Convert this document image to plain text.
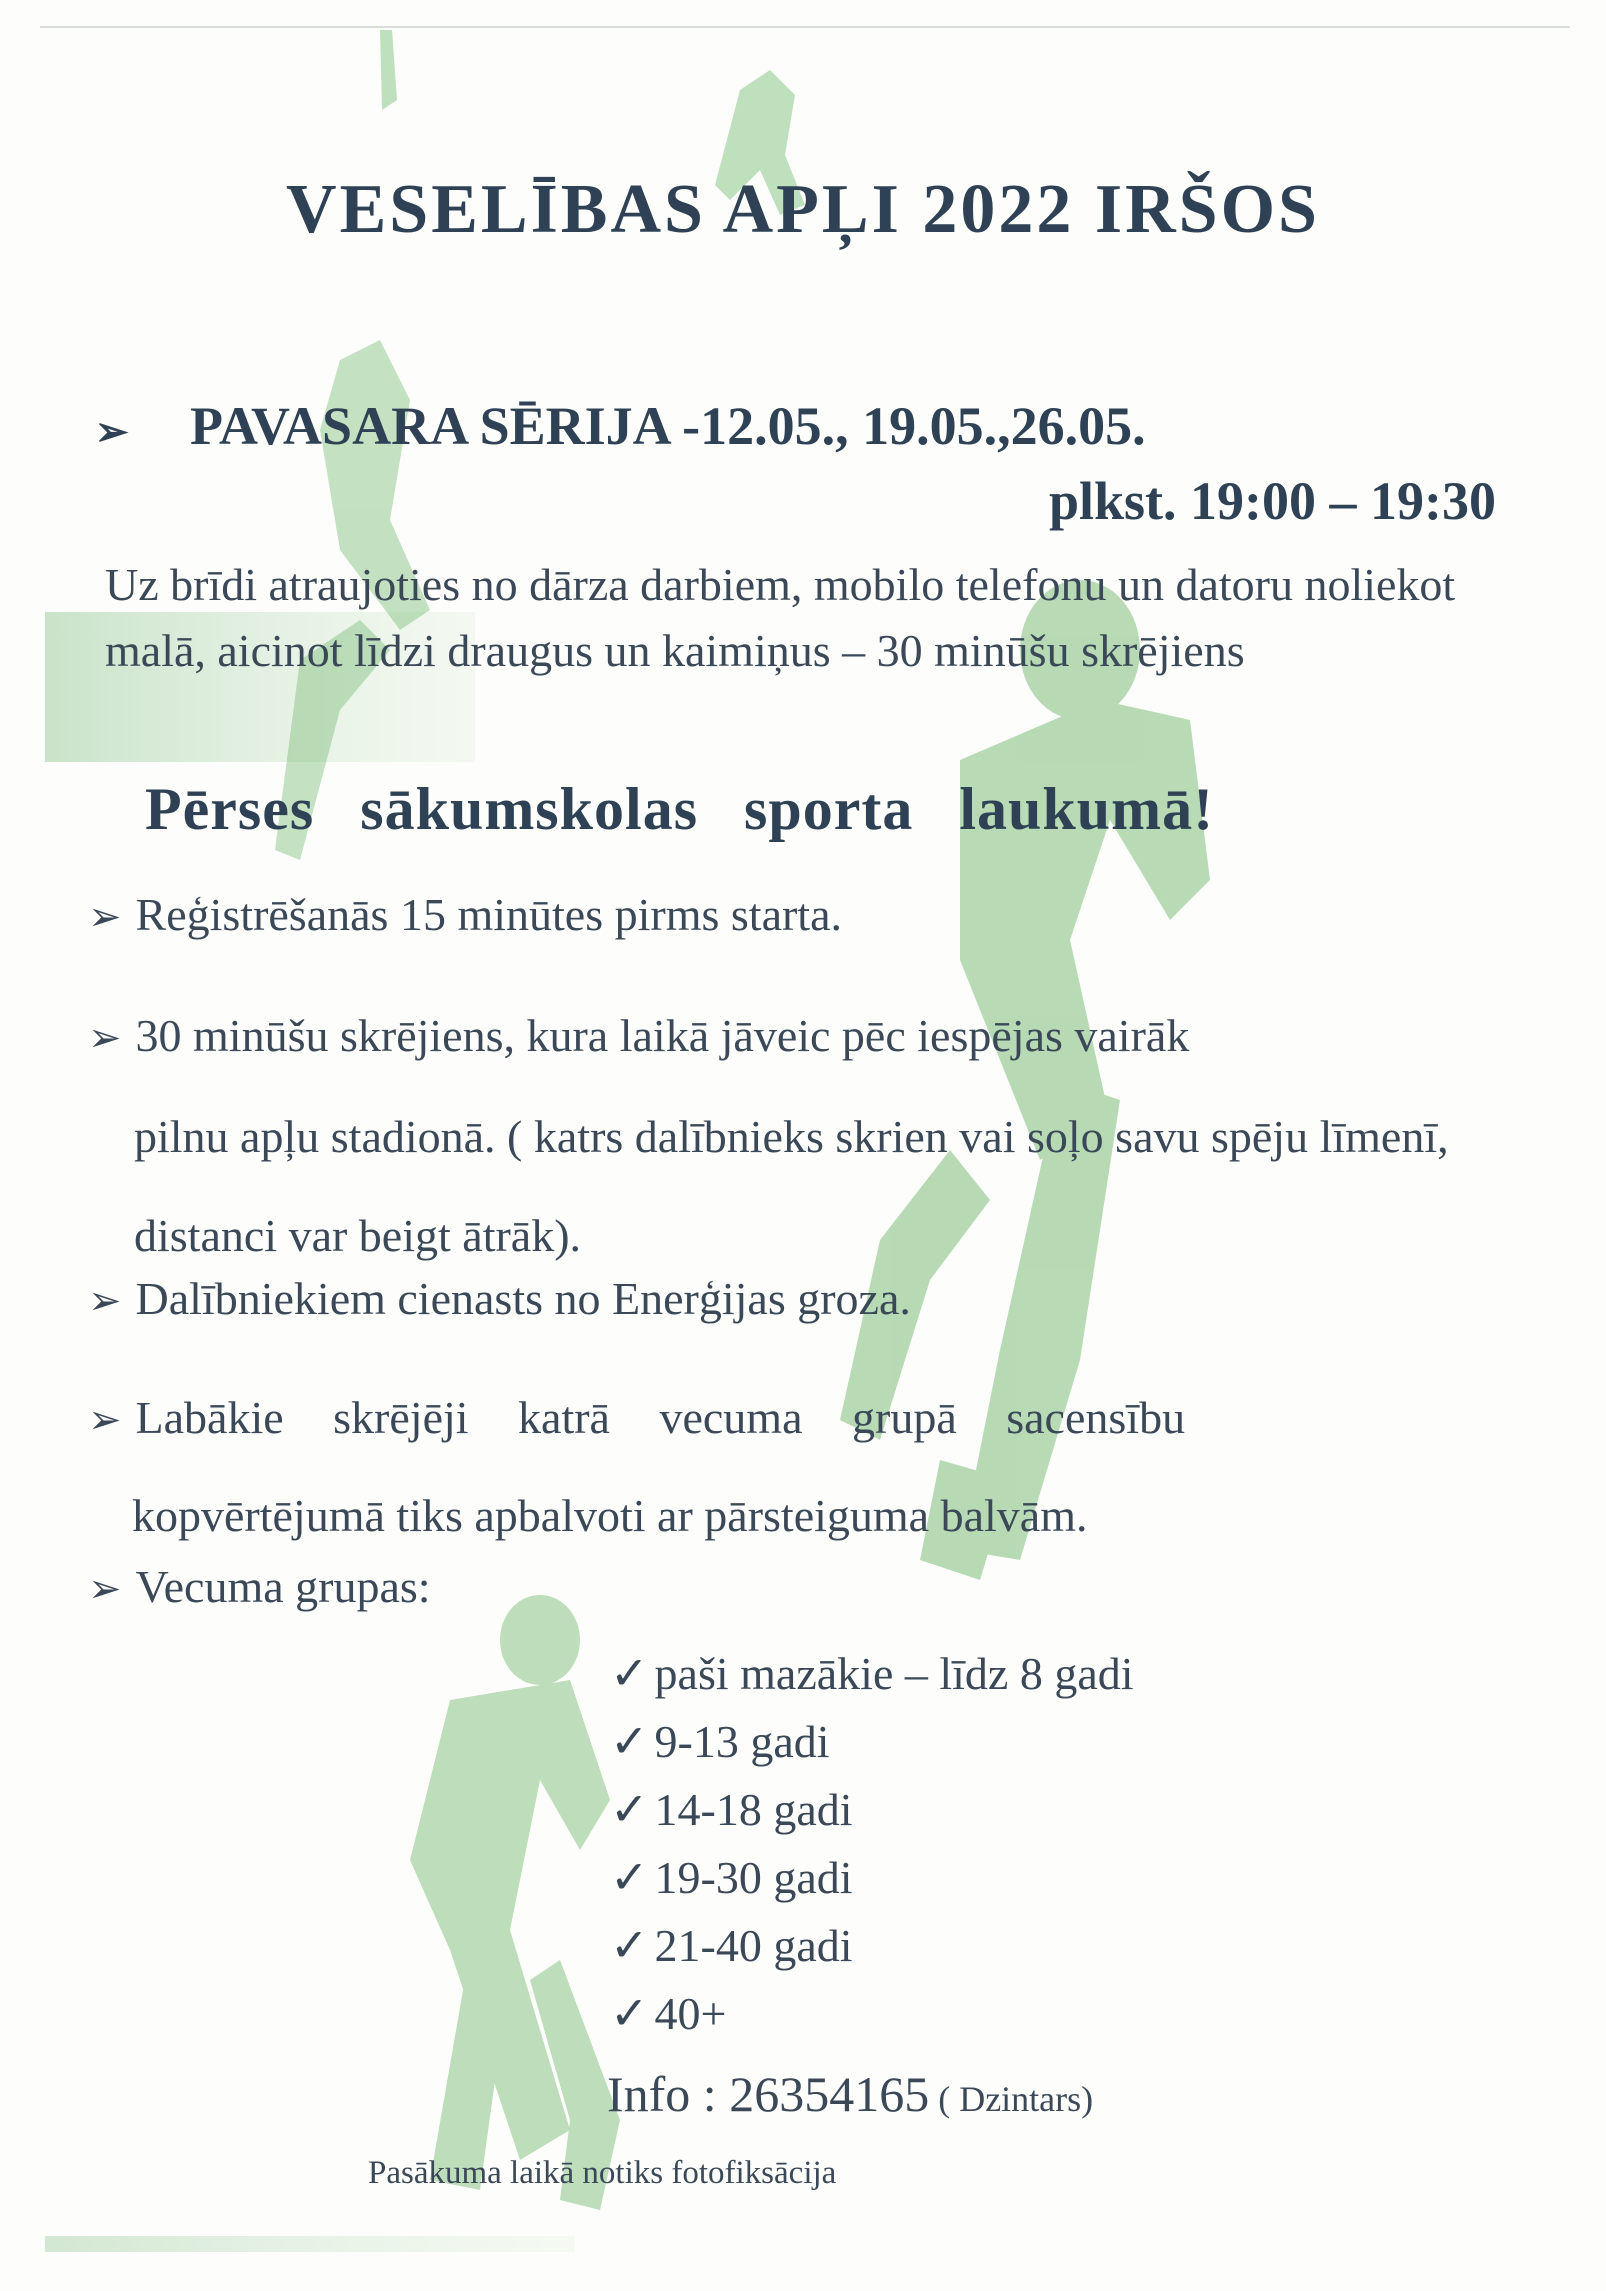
VESELĪBAS APĻI 2022 IRŠOS
➢ PAVASARA SĒRIJA -12.05., 19.05.,26.05.
plkst. 19:00 – 19:30
Uz brīdi atraujoties no dārza darbiem, mobilo telefonu un datoru noliekot malā, aicinot līdzi draugus un kaimiņus – 30 minūšu skrējiens
Pērses sākumskolas sporta laukumā!
➢ Reģistrēšanās 15 minūtes pirms starta.
➢ 30 minūšu skrējiens, kura laikā jāveic pēc iespējas vairāk
pilnu apļu stadionā. ( katrs dalībnieks skrien vai soļo savu spēju līmenī, distanci var beigt ātrāk).
➢ Dalībniekiem cienasts no Enerģijas groza.
➢ Labākie skrējēji katrā vecuma grupā sacensību
kopvērtējumā tiks apbalvoti ar pārsteiguma balvām.
➢ Vecuma grupas:
✓ paši mazākie – līdz 8 gadi
✓ 9-13 gadi
✓ 14-18 gadi
✓ 19-30 gadi
✓ 21-40 gadi
✓ 40+
Info : 26354165 ( Dzintars)
Pasākuma laikā notiks fotofiksācija
